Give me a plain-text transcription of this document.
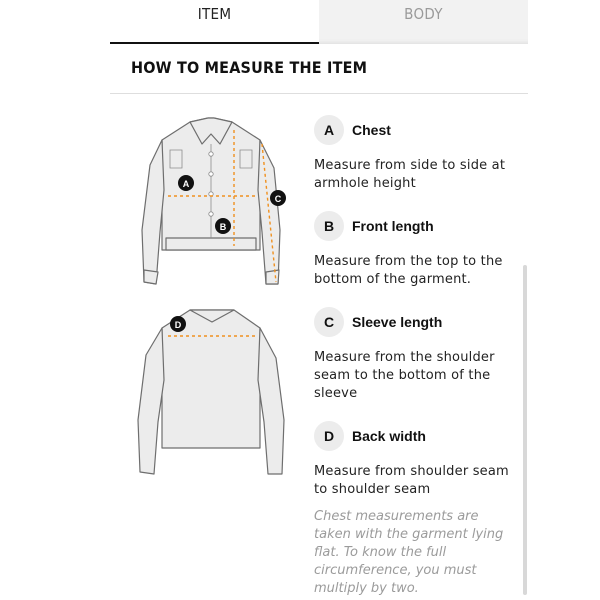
ITEM	BODY
HOW TO MEASURE THE ITEM
A
B
C
D
A	Chest
Measure from side to side at armhole height
B	Front length
Measure from the top to the bottom of the garment.
C	Sleeve length
Measure from the shoulder seam to the bottom of the sleeve
D	Back width
Measure from shoulder seam to shoulder seam
Chest measurements are taken with the garment lying flat. To know the full circumference, you must multiply by two.
